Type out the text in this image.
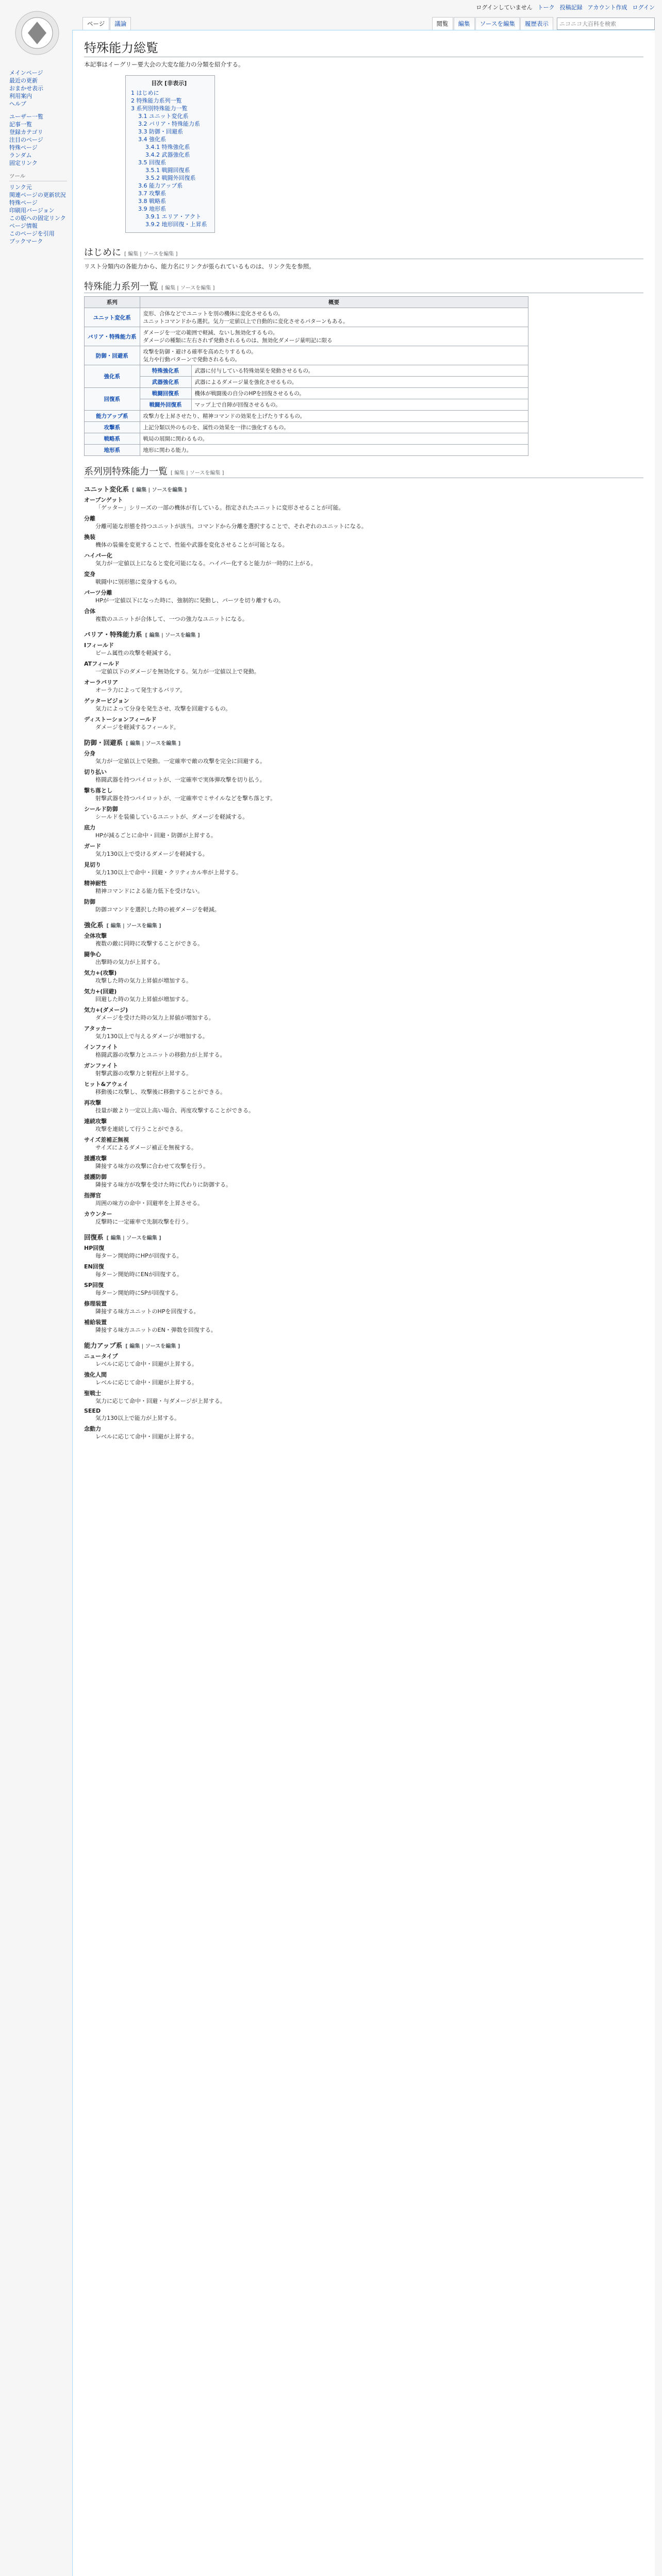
ログインしていません トーク 投稿記録 アカウント作成 ログイン
ページ	議論	閲覧	編集	ソースを編集	履歴表示	ニコニコ大百科を検索
メインページ
最近の更新
おまかせ表示
利用案内
ヘルプ
ユーザー一覧
記事一覧
登録カテゴリ
注目のページ
特殊ページ
ランダム
固定リンク
ツール
リンク元
関連ページの更新状況
特殊ページ
印刷用バージョン
この版への固定リンク
ページ情報
このページを引用
ブックマーク
特殊能力総覧

本記事はイーグリー要大会の大変な能力の分類を紹介する。

目次 [非表示]
1 はじめに
2 特殊能力系列一覧
3 系列別特殊能力一覧
3.1 ユニット変化系
3.2 バリア・特殊能力系
3.3 防御・回避系
3.4 強化系
3.4.1 特殊強化系
3.4.2 武器強化系
3.5 回復系
3.5.1 戦闘回復系
3.5.2 戦闘外回復系
3.6 能力アップ系
3.7 攻撃系
3.8 戦略系
3.9 地形系
3.9.1 エリア・アクト
3.9.2 地形回復・上昇系
はじめに [ 編集 | ソースを編集 ]

リスト分類内の各能力から、能力名にリンクが張られているものは、リンク先を参照。

特殊能力系列一覧 [ 編集 | ソースを編集 ]
系列	概要	
ユニット変化系	変形、合体などでユニットを別の機体に変化させるもの。
ユニットコマンドから選択。気力一定値以上で自動的に変化させるパターンもある。	

バリア・特殊能力系	ダメージを一定の範囲で軽減、ないし無効化するもの。
ダメージの種類に左右されず発動されるものは、無効化ダメージ量明記に限る	

防御・回避系	攻撃を防御・避ける確率を高めたりするもの。
気力や行動パターンで発動されるもの。	

強化系	特殊強化系	武器に付与している特殊効果を発動させるもの。
	武器強化系	武器によるダメージ量を強化させるもの。
回復系	戦闘回復系	機体が戦闘後の自分のHPを回復させるもの。
	戦闘外回復系	マップ上で自陣が回復させるもの。
能力アップ系	攻撃力を上昇させたり、精神コマンドの効果を上げたりするもの。	

攻撃系	上記分類以外のものを、属性の効果を一律に強化するもの。	

戦略系	戦局の展開に関わるもの。	

地形系	地形に関わる能力。	
系列別特殊能力一覧 [ 編集 | ソースを編集 ]
ユニット変化系 [ 編集 | ソースを編集 ]
オープンゲット
「ゲッター」シリーズの一部の機体が有している。指定されたユニットに変形させることが可能。
分離
分離可能な形態を持つユニットが該当。コマンドから分離を選択することで、それぞれのユニットになる。
換装
機体の装備を変更することで、性能や武器を変化させることが可能となる。
ハイパー化
気力が一定値以上になると変化可能になる。ハイパー化すると能力が一時的に上がる。
変身
戦闘中に別形態に変身するもの。
パーツ分離
HPが一定値以下になった時に、強制的に発動し、パーツを切り離すもの。
合体
複数のユニットが合体して、一つの強力なユニットになる。
バリア・特殊能力系 [ 編集 | ソースを編集 ]
Iフィールド
ビーム属性の攻撃を軽減する。
ATフィールド
一定値以下のダメージを無効化する。気力が一定値以上で発動。
オーラバリア
オーラ力によって発生するバリア。
ゲッタービジョン
気力によって分身を発生させ、攻撃を回避するもの。
ディストーションフィールド
ダメージを軽減するフィールド。
防御・回避系 [ 編集 | ソースを編集 ]
分身
気力が一定値以上で発動。一定確率で敵の攻撃を完全に回避する。
切り払い
格闘武器を持つパイロットが、一定確率で実体弾攻撃を切り払う。
撃ち落とし
射撃武器を持つパイロットが、一定確率でミサイルなどを撃ち落とす。
シールド防御
シールドを装備しているユニットが、ダメージを軽減する。
底力
HPが減るごとに命中・回避・防御が上昇する。
ガード
気力130以上で受けるダメージを軽減する。
見切り
気力130以上で命中・回避・クリティカル率が上昇する。
精神耐性
精神コマンドによる能力低下を受けない。
防御
防御コマンドを選択した時の被ダメージを軽減。
強化系 [ 編集 | ソースを編集 ]
全体攻撃
複数の敵に同時に攻撃することができる。
闘争心
出撃時の気力が上昇する。
気力+(攻撃)
攻撃した時の気力上昇値が増加する。
気力+(回避)
回避した時の気力上昇値が増加する。
気力+(ダメージ)
ダメージを受けた時の気力上昇値が増加する。
アタッカー
気力130以上で与えるダメージが増加する。
インファイト
格闘武器の攻撃力とユニットの移動力が上昇する。
ガンファイト
射撃武器の攻撃力と射程が上昇する。
ヒット&アウェイ
移動後に攻撃し、攻撃後に移動することができる。
再攻撃
技量が敵より一定以上高い場合、再度攻撃することができる。
連続攻撃
攻撃を連続して行うことができる。
サイズ差補正無視
サイズによるダメージ補正を無視する。
援護攻撃
隣接する味方の攻撃に合わせて攻撃を行う。
援護防御
隣接する味方が攻撃を受けた時に代わりに防御する。
指揮官
周囲の味方の命中・回避率を上昇させる。
カウンター
反撃時に一定確率で先制攻撃を行う。
回復系 [ 編集 | ソースを編集 ]
HP回復
毎ターン開始時にHPが回復する。
EN回復
毎ターン開始時にENが回復する。
SP回復
毎ターン開始時にSPが回復する。
修理装置
隣接する味方ユニットのHPを回復する。
補給装置
隣接する味方ユニットのEN・弾数を回復する。
能力アップ系 [ 編集 | ソースを編集 ]
ニュータイプ
レベルに応じて命中・回避が上昇する。
強化人間
レベルに応じて命中・回避が上昇する。
聖戦士
気力に応じて命中・回避・与ダメージが上昇する。
SEED
気力130以上で能力が上昇する。
念動力
レベルに応じて命中・回避が上昇する。
